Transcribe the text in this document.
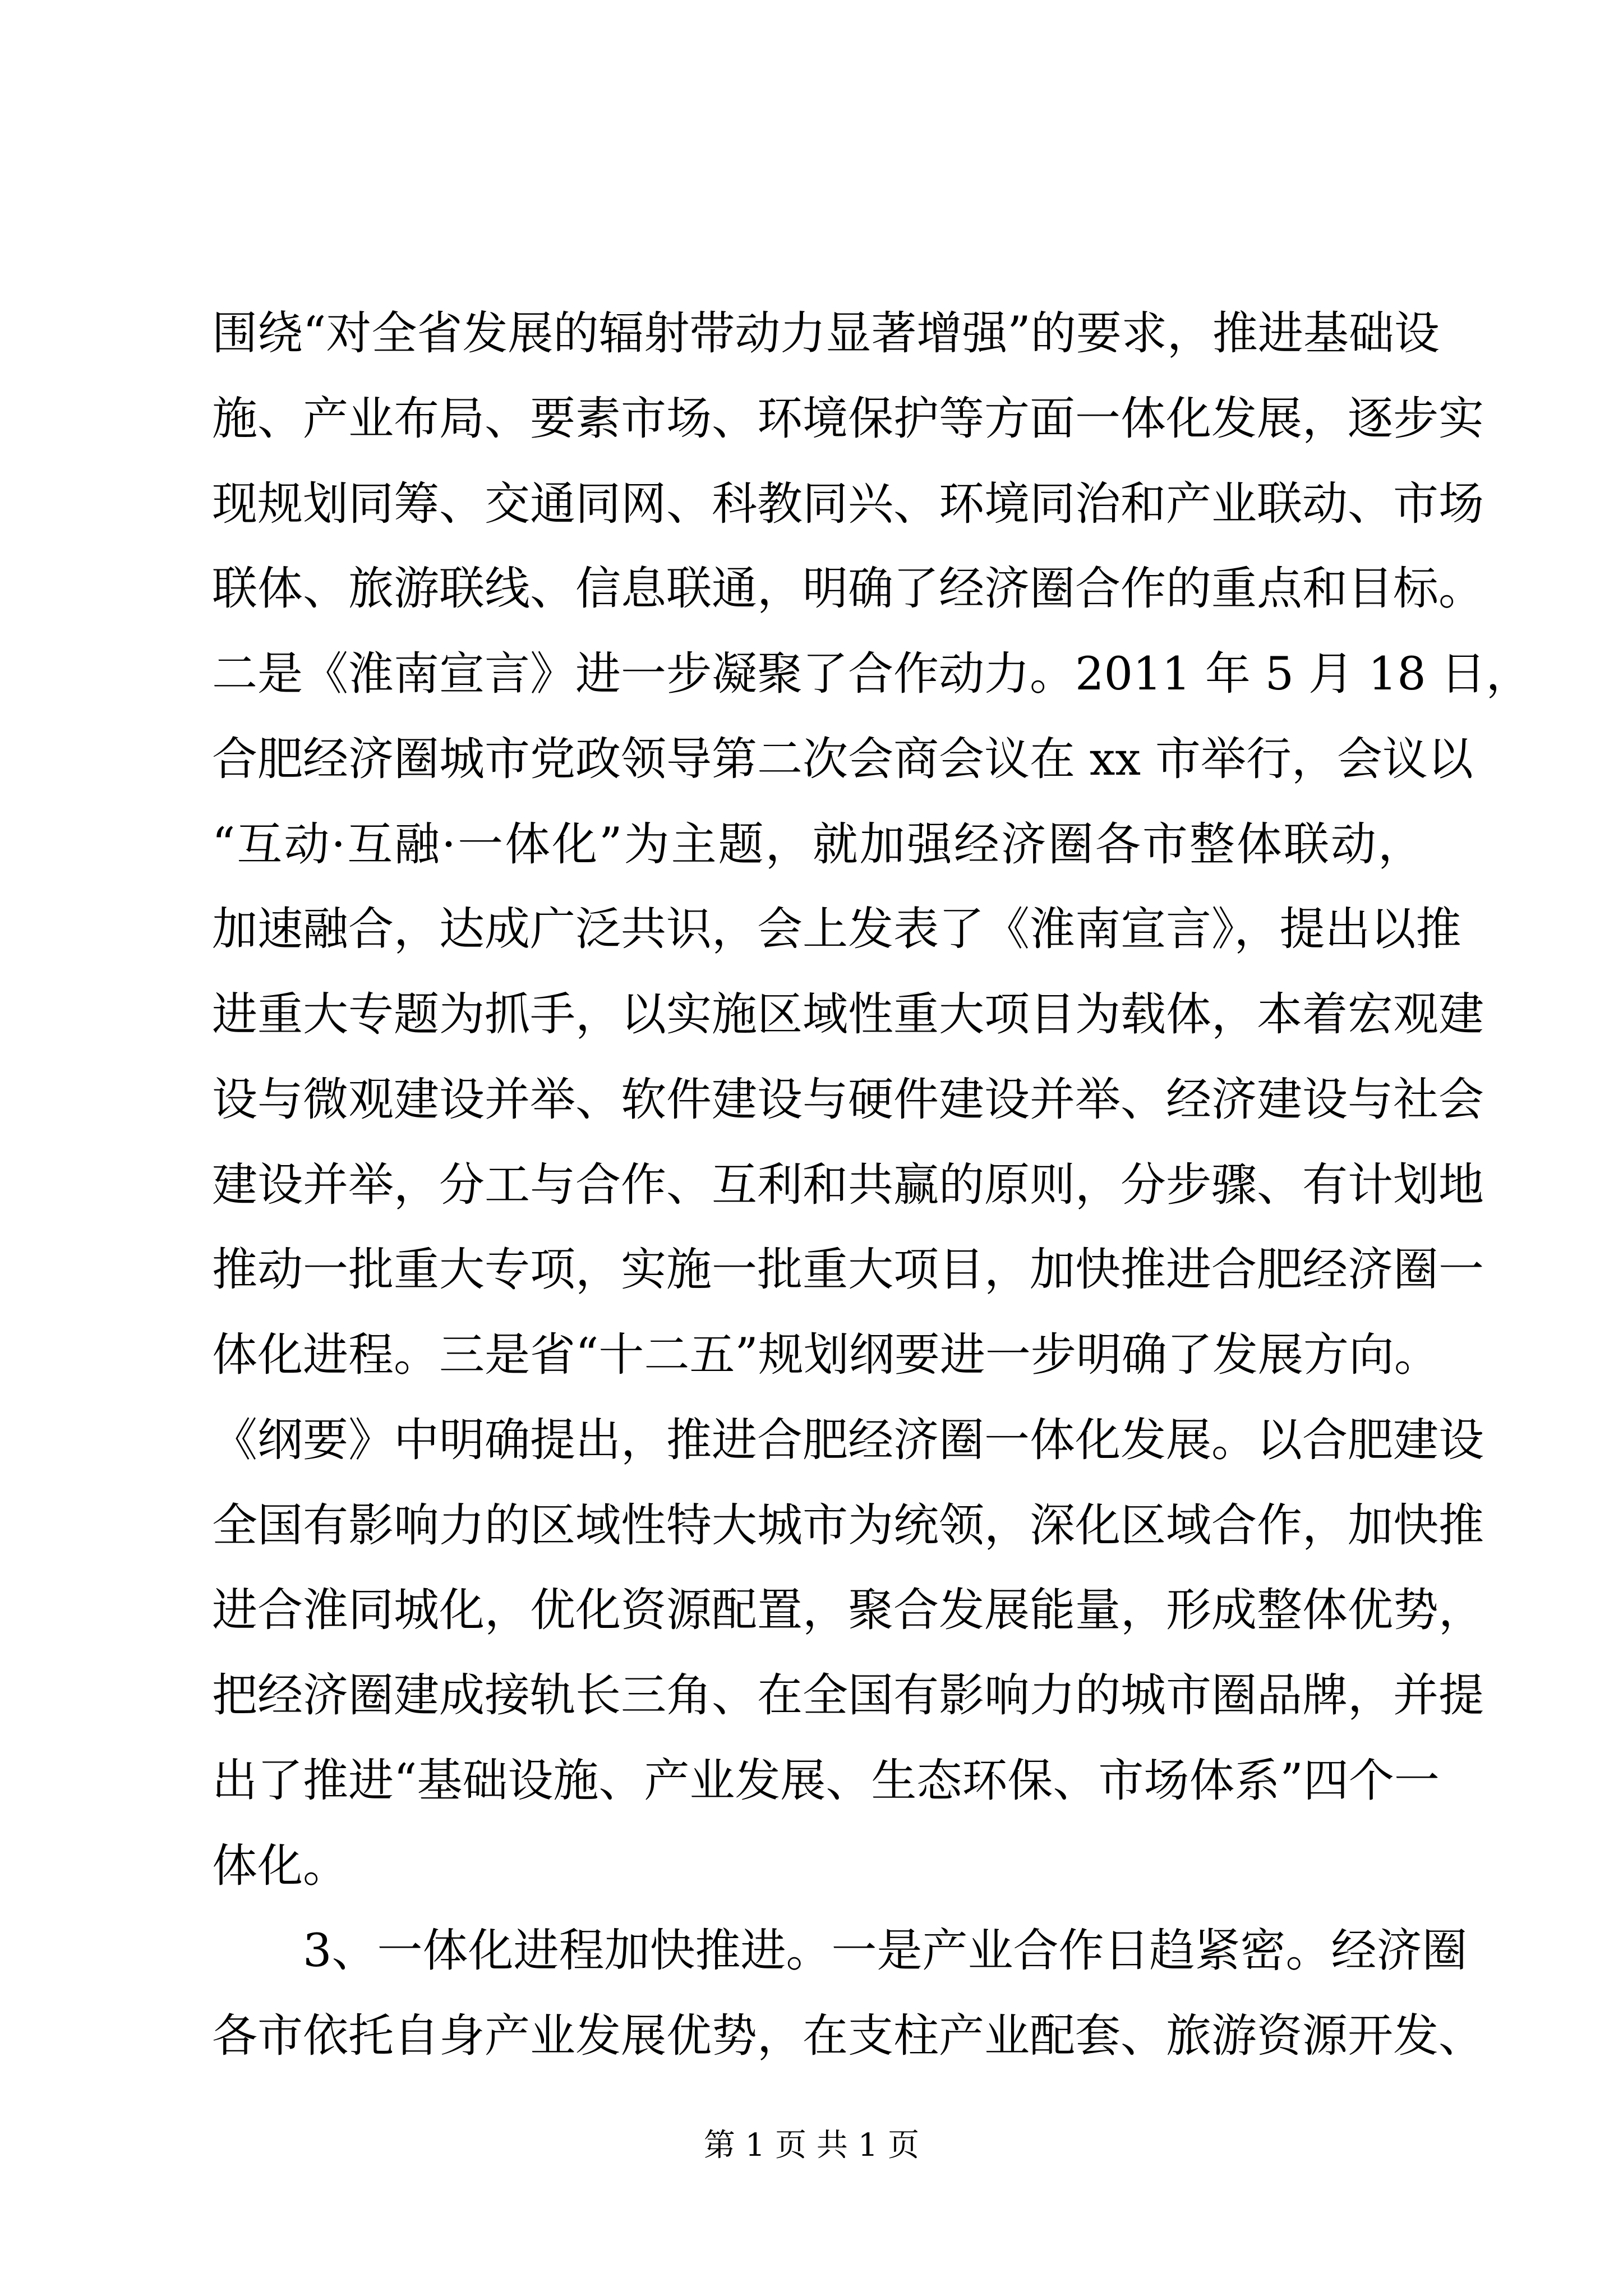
围绕“对全省发展的辐射带动力显著增强”的要求，推进基础设
施、产业布局、要素市场、环境保护等方面一体化发展，逐步实
现规划同筹、交通同网、科教同兴、环境同治和产业联动、市场
联体、旅游联线、信息联通，明确了经济圈合作的重点和目标。
二是《淮南宣言》进一步凝聚了合作动力。2011 年 5 月 18 日，
合肥经济圈城市党政领导第二次会商会议在 xx 市举行，会议以
“互动·互融·一体化”为主题，就加强经济圈各市整体联动，
加速融合，达成广泛共识，会上发表了《淮南宣言》，提出以推
进重大专题为抓手，以实施区域性重大项目为载体，本着宏观建
设与微观建设并举、软件建设与硬件建设并举、经济建设与社会
建设并举，分工与合作、互利和共赢的原则，分步骤、有计划地
推动一批重大专项，实施一批重大项目，加快推进合肥经济圈一
体化进程。三是省“十二五”规划纲要进一步明确了发展方向。
《纲要》中明确提出，推进合肥经济圈一体化发展。以合肥建设
全国有影响力的区域性特大城市为统领，深化区域合作，加快推
进合淮同城化，优化资源配置，聚合发展能量，形成整体优势，
把经济圈建成接轨长三角、在全国有影响力的城市圈品牌，并提
出了推进“基础设施、产业发展、生态环保、市场体系”四个一
体化。
3、一体化进程加快推进。一是产业合作日趋紧密。经济圈
各市依托自身产业发展优势，在支柱产业配套、旅游资源开发、
第 1 页 共 1 页
